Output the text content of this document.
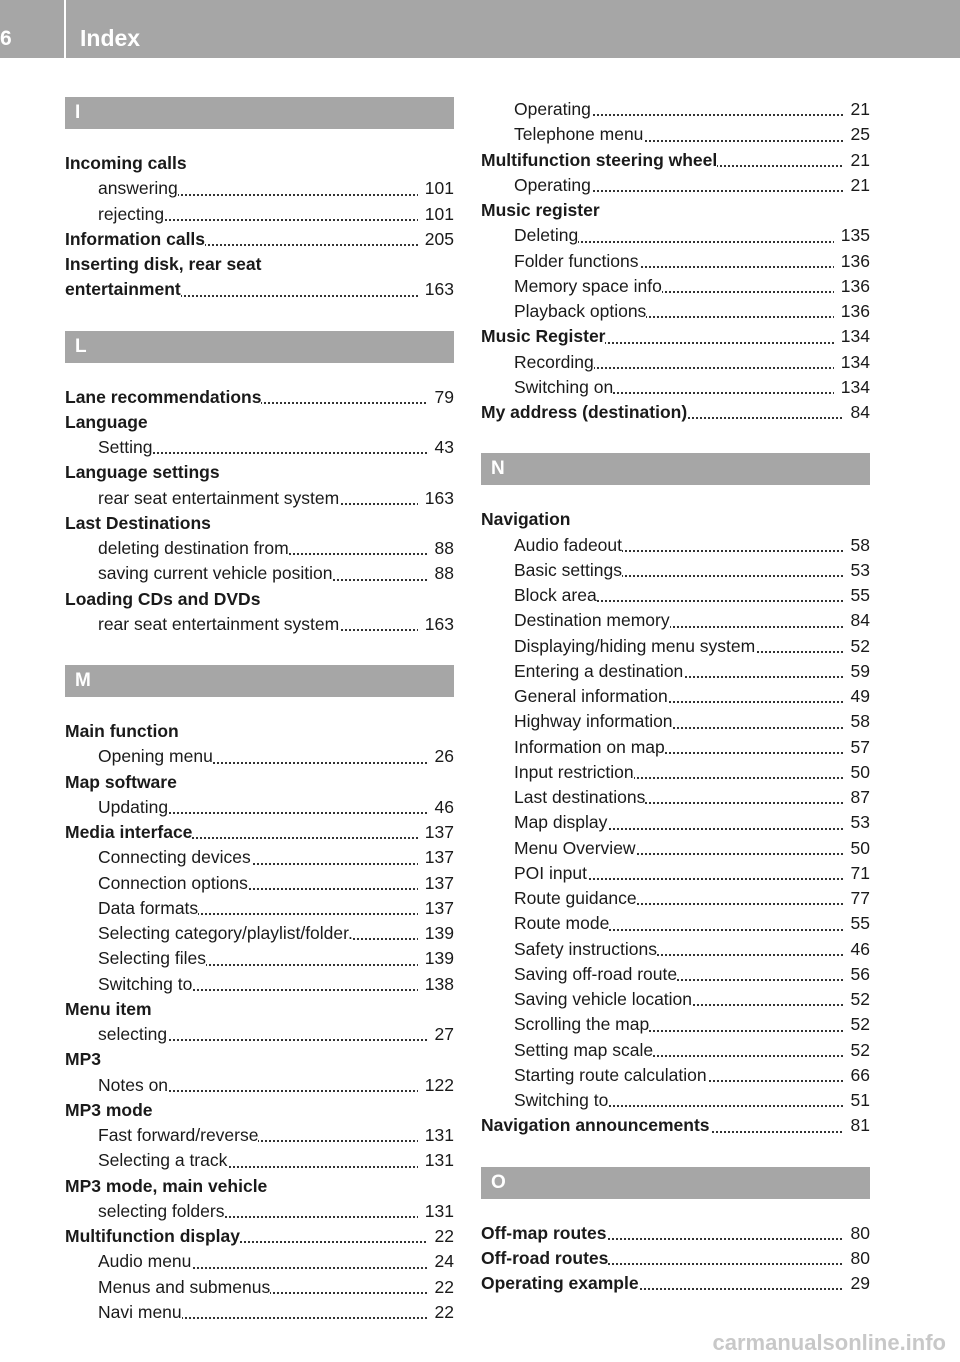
6	Index
I
Incoming calls
answering	101
rejecting	101
Information calls	205
Inserting disk, rear seat
entertainment	163
L
Lane recommendations	79
Language
Setting	43
Language settings
rear seat entertainment system	163
Last Destinations
deleting destination from	88
saving current vehicle position	88
Loading CDs and DVDs
rear seat entertainment system	163
M
Main function
Opening menu	26
Map software
Updating	46
Media interface	137
Connecting devices	137
Connection options	137
Data formats	137
Selecting category/playlist/folder.	139
Selecting files	139
Switching to	138
Menu item
selecting	27
MP3
Notes on	122
MP3 mode
Fast forward/reverse	131
Selecting a track	131
MP3 mode, main vehicle
selecting folders	131
Multifunction display	22
Audio menu	24
Menus and submenus	22
Navi menu	22
Operating	21
Telephone menu	25
Multifunction steering wheel	21
Operating	21
Music register
Deleting	135
Folder functions	136
Memory space info	136
Playback options	136
Music Register	134
Recording	134
Switching on	134
My address (destination)	84
N
Navigation
Audio fadeout	58
Basic settings	53
Block area	55
Destination memory	84
Displaying/hiding menu system	52
Entering a destination	59
General information	49
Highway information	58
Information on map	57
Input restriction	50
Last destinations	87
Map display	53
Menu Overview	50
POI input	71
Route guidance	77
Route mode	55
Safety instructions	46
Saving off-road route	56
Saving vehicle location	52
Scrolling the map	52
Setting map scale	52
Starting route calculation	66
Switching to	51
Navigation announcements	81
O
Off-map routes	80
Off-road routes	80
Operating example	29
carmanualsonline.info
